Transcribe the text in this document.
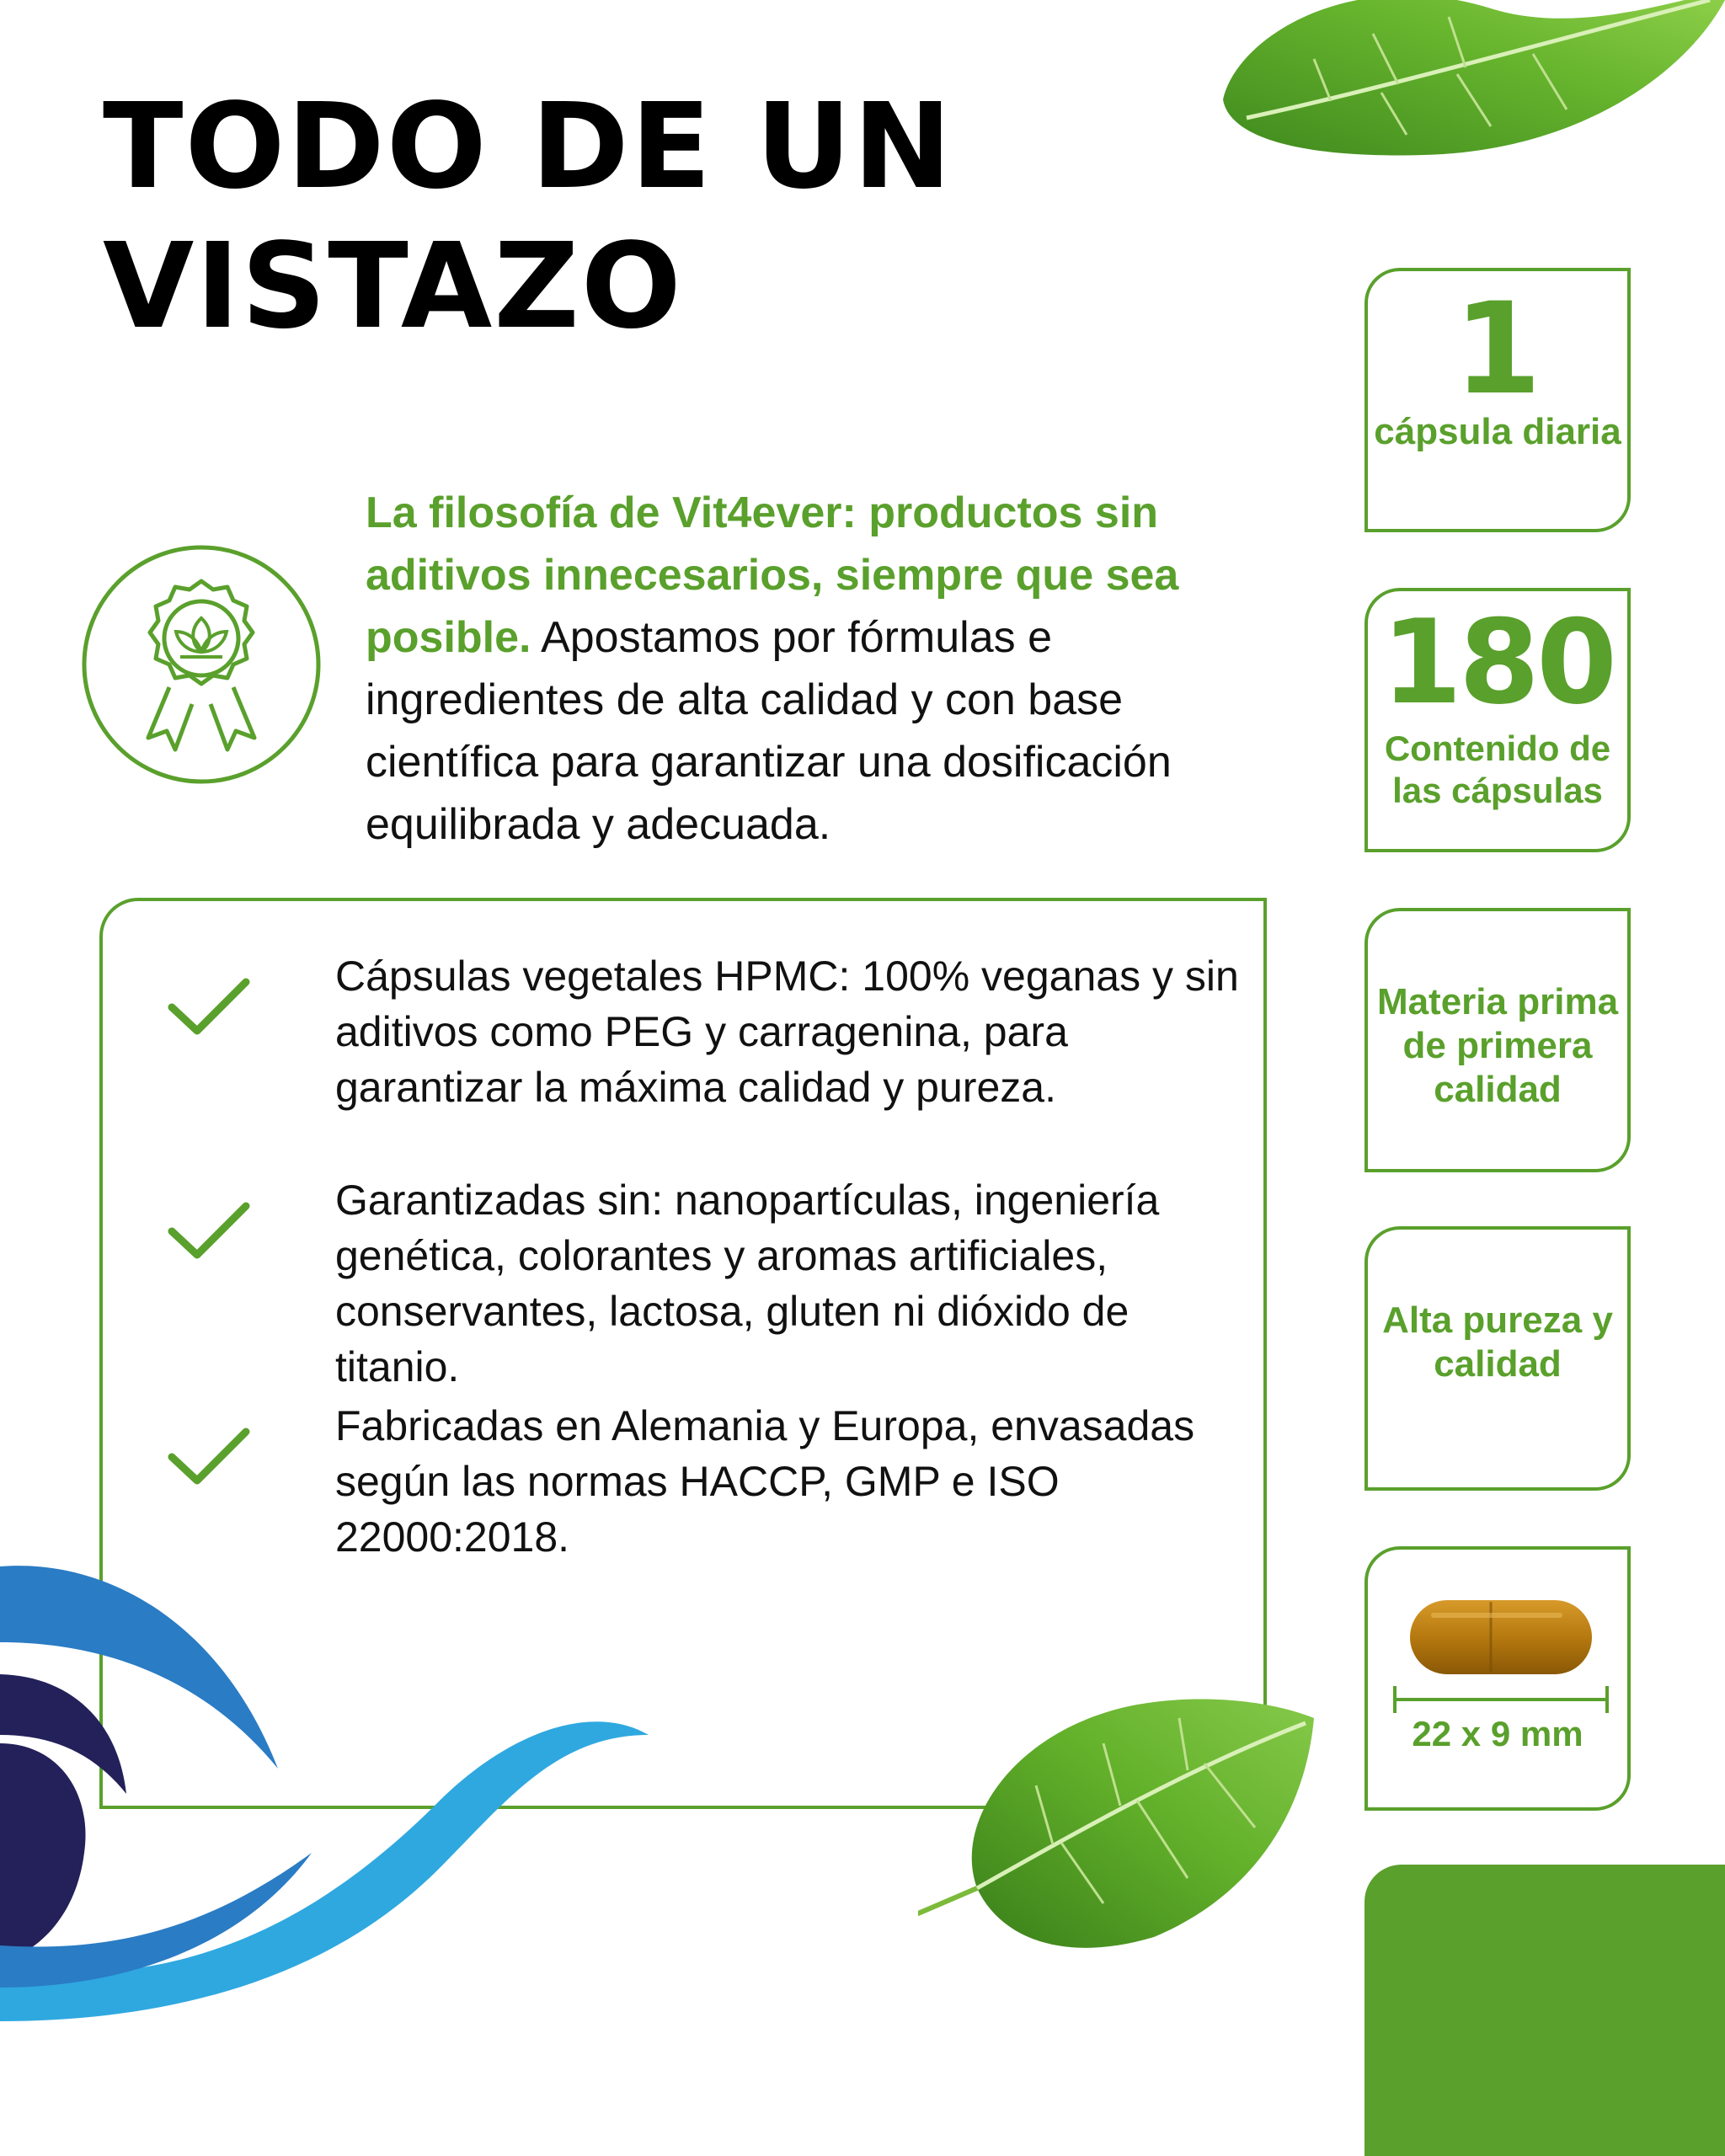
TODO DE UN
VISTAZO

La filosofía de Vit4ever: productos sin aditivos innecesarios, siempre que sea posible. Apostamos por fórmulas e ingredientes de alta calidad y con base científica para garantizar una dosificación equilibrada y adecuada.

Cápsulas vegetales HPMC: 100% veganas y sin aditivos como PEG y carragenina, para garantizar la máxima calidad y pureza.
Garantizadas sin: nanopartículas, ingeniería genética, colorantes y aromas artificiales, conservantes, lactosa, gluten ni dióxido de titanio.
Fabricadas en Alemania y Europa, envasadas según las normas HACCP, GMP e ISO 22000:2018.
1
cápsula diaria
180
Contenido de las cápsulas
Materia prima de primera calidad
Alta pureza y calidad
22 x 9 mm
